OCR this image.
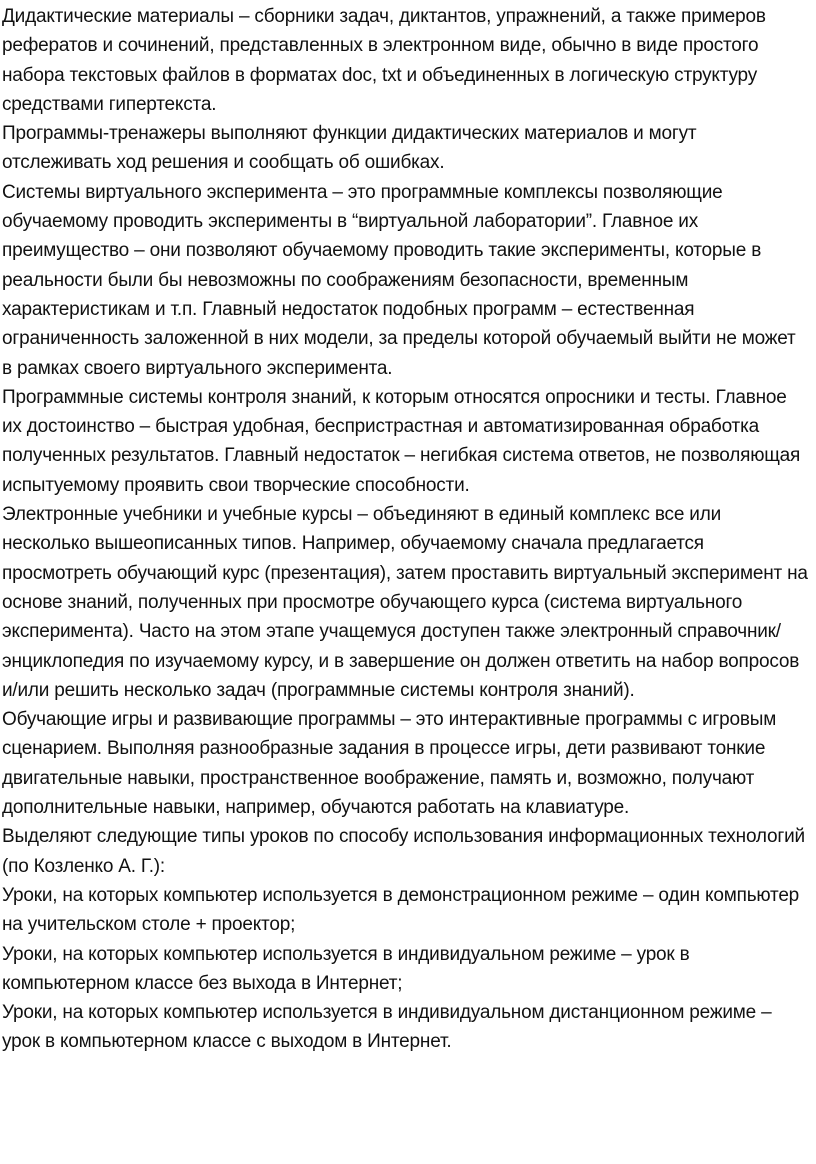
Дидактические материалы – сборники задач, диктантов, упражнений, а также примеров рефератов и сочинений, представленных в электронном виде, обычно в виде простого набора текстовых файлов в форматах doc, txt и объединенных в логическую структуру средствами гипертекста.

Программы-тренажеры выполняют функции дидактических материалов и могут отслеживать ход решения и сообщать об ошибках.

Системы виртуального эксперимента – это программные комплексы позволяющие обучаемому проводить эксперименты в “виртуальной лаборатории”. Главное их преимущество – они позволяют обучаемому проводить такие эксперименты, которые в реальности были бы невозможны по соображениям безопасности, временным характеристикам и т.п. Главный недостаток подобных программ – естественная ограниченность заложенной в них модели, за пределы которой обучаемый выйти не может в рамках своего виртуального эксперимента.

Программные системы контроля знаний, к которым относятся опросники и тесты. Главное их достоинство – быстрая удобная, беспристрастная и автоматизированная обработка полученных результатов. Главный недостаток – негибкая система ответов, не позволяющая испытуемому проявить свои творческие способности.

Электронные учебники и учебные курсы – объединяют в единый комплекс все или несколько вышеописанных типов. Например, обучаемому сначала предлагается просмотреть обучающий курс (презентация), затем проставить виртуальный эксперимент на основе знаний, полученных при просмотре обучающего курса (система виртуального эксперимента). Часто на этом этапе учащемуся доступен также электронный справочник/энциклопедия по изучаемому курсу, и в завершение он должен ответить на набор вопросов и/или решить несколько задач (программные системы контроля знаний).

Обучающие игры и развивающие программы – это интерактивные программы с игровым сценарием. Выполняя разнообразные задания в процессе игры, дети развивают тонкие двигательные навыки, пространственное воображение, память и, возможно, получают дополнительные навыки, например, обучаются работать на клавиатуре.

Выделяют следующие типы уроков по способу использования информационных технологий (по Козленко А. Г.):

Уроки, на которых компьютер используется в демонстрационном режиме – один компьютер на учительском столе + проектор;

Уроки, на которых компьютер используется в индивидуальном режиме – урок в компьютерном классе без выхода в Интернет;

Уроки, на которых компьютер используется в индивидуальном дистанционном режиме – урок в компьютерном классе с выходом в Интернет.
